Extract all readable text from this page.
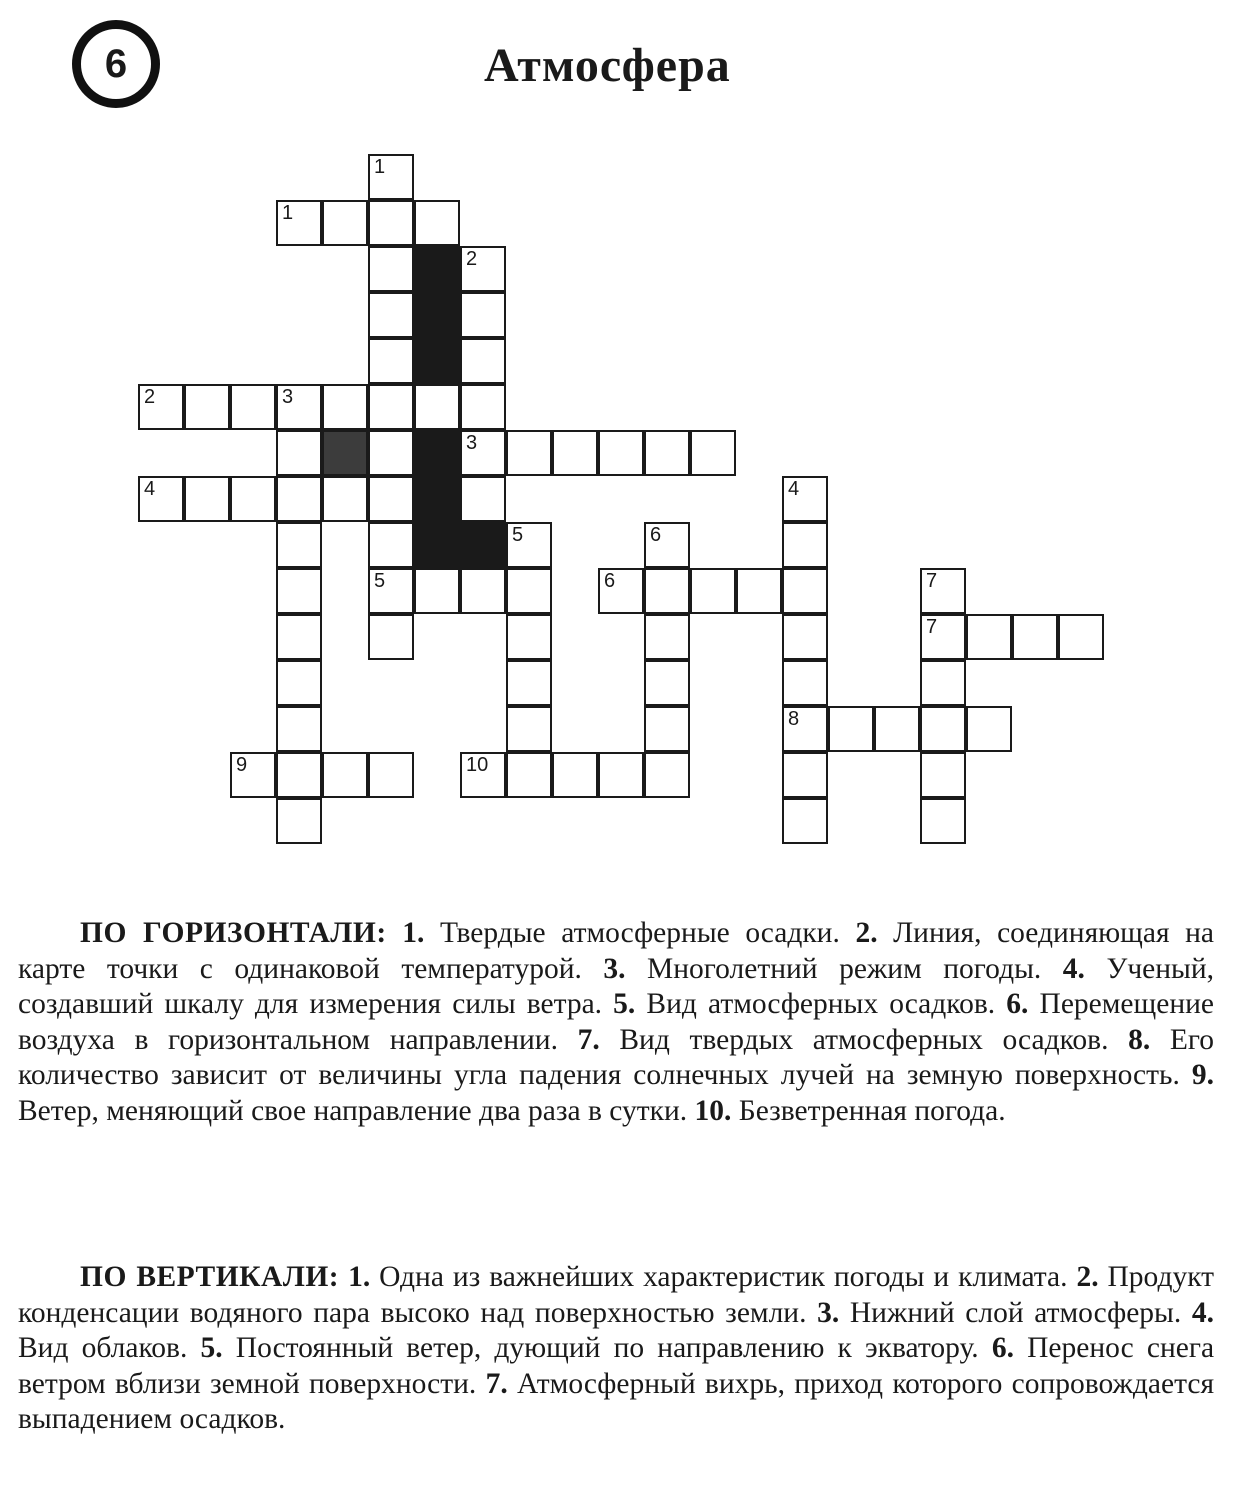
6	Атмосфера
1
1
2
2	3
3
4	4
5	6
5	6	7
7
8
9	10
ПО ГОРИЗОНТАЛИ: 1. Твердые атмосферные осадки. 2. Линия, соединяющая на карте точки с одинаковой температурой. 3. Многолетний режим погоды. 4. Ученый, создавший шкалу для измерения силы ветра. 5. Вид атмосферных осадков. 6. Перемещение воздуха в горизонтальном направлении. 7. Вид твердых атмосферных осадков. 8. Его количество зависит от величины угла падения солнечных лучей на земную поверхность. 9. Ветер, меняющий свое направление два раза в сутки. 10. Безветренная погода.
ПО ВЕРТИКАЛИ: 1. Одна из важнейших характеристик погоды и климата. 2. Продукт конденсации водяного пара высоко над поверхностью земли. 3. Нижний слой атмосферы. 4. Вид облаков. 5. Постоянный ветер, дующий по направлению к экватору. 6. Перенос снега ветром вблизи земной поверхности. 7. Атмосферный вихрь, приход которого сопровождается выпадением осадков.
